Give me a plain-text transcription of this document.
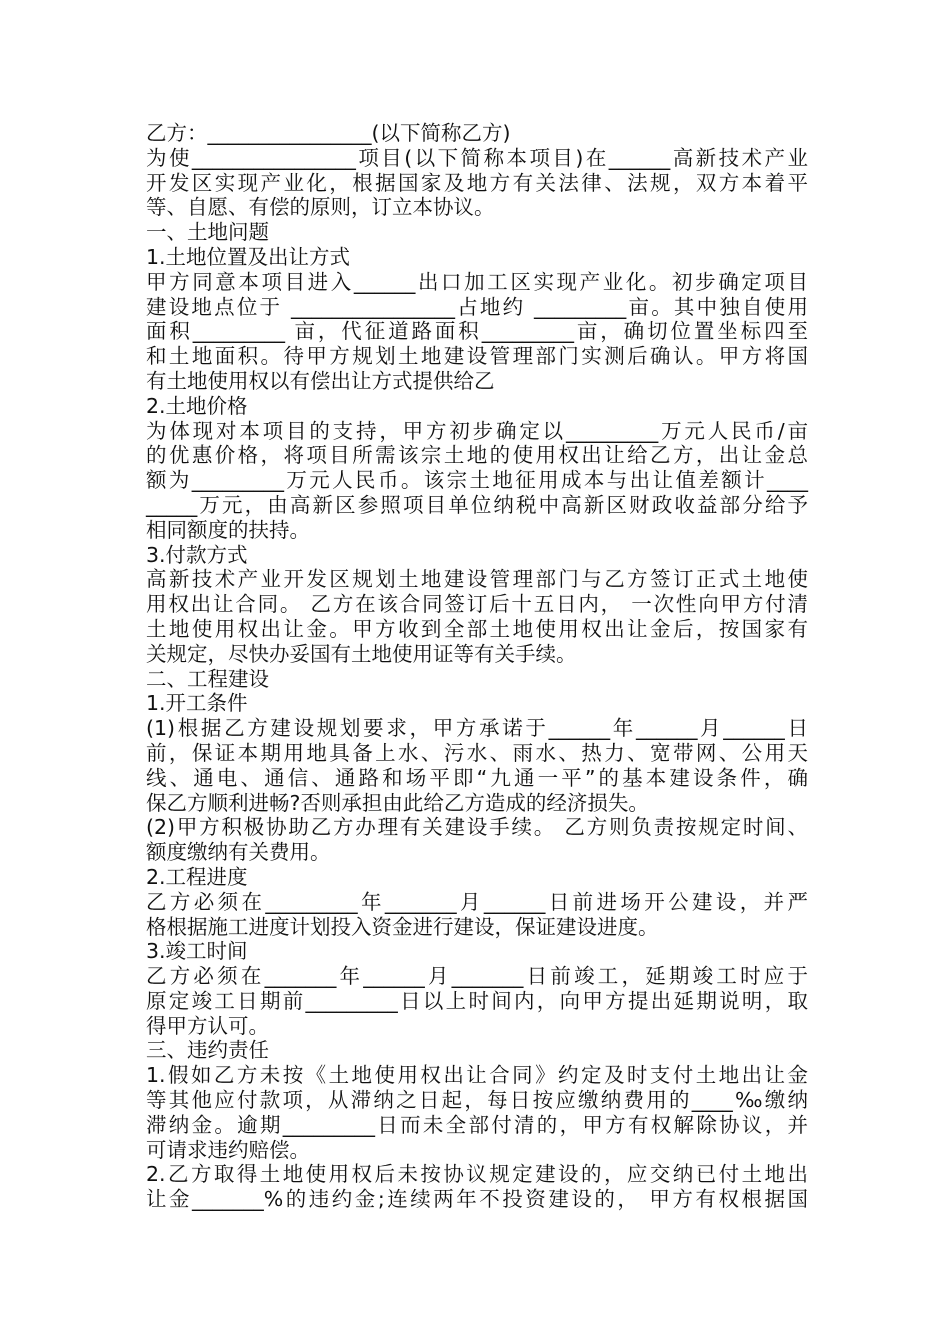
乙方：________________(以下简称乙方)
为使________________项目(以下简称本项目)在______高新技术产业
开发区实现产业化，根据国家及地方有关法律、法规，双方本着平
等、自愿、有偿的原则，订立本协议。
一、土地问题
1.土地位置及出让方式
甲方同意本项目进入______出口加工区实现产业化。初步确定项目
建设地点位于 ________________占地约 _________亩。其中独自使用
面积_________ 亩，代征道路面积_________亩，确切位置坐标四至
和土地面积。待甲方规划土地建设管理部门实测后确认。甲方将国
有土地使用权以有偿出让方式提供给乙
2.土地价格
为体现对本项目的支持，甲方初步确定以_________万元人民币/亩
的优惠价格，将项目所需该宗土地的使用权出让给乙方，出让金总
额为_________万元人民币。该宗土地征用成本与出让值差额计____
_____万元，由高新区参照项目单位纳税中高新区财政收益部分给予
相同额度的扶持。
3.付款方式
高新技术产业开发区规划土地建设管理部门与乙方签订正式土地使
用权出让合同。 乙方在该合同签订后十五日内， 一次性向甲方付清
土地使用权出让金。甲方收到全部土地使用权出让金后，按国家有
关规定，尽快办妥国有土地使用证等有关手续。
二、工程建设
1.开工条件
(1)根据乙方建设规划要求，甲方承诺于______年______月______日
前，保证本期用地具备上水、污水、雨水、热力、宽带网、公用天
线、通电、通信、通路和场平即“九通一平”的基本建设条件，确
保乙方顺利进畅?否则承担由此给乙方造成的经济损失。
(2)甲方积极协助乙方办理有关建设手续。 乙方则负责按规定时间、
额度缴纳有关费用。
2.工程进度
乙方必须在_________年_______月______日前进场开公建设，并严
格根据施工进度计划投入资金进行建设，保证建设进度。
3.竣工时间
乙方必须在_______年______月_______日前竣工，延期竣工时应于
原定竣工日期前_________日以上时间内，向甲方提出延期说明，取
得甲方认可。
三、违约责任
1.假如乙方未按《土地使用权出让合同》约定及时支付土地出让金
等其他应付款项，从滞纳之日起，每日按应缴纳费用的____‰缴纳
滞纳金。逾期_________日而未全部付清的，甲方有权解除协议，并
可请求违约赔偿。
2.乙方取得土地使用权后未按协议规定建设的，应交纳已付土地出
让金_______%的违约金;连续两年不投资建设的， 甲方有权根据国
